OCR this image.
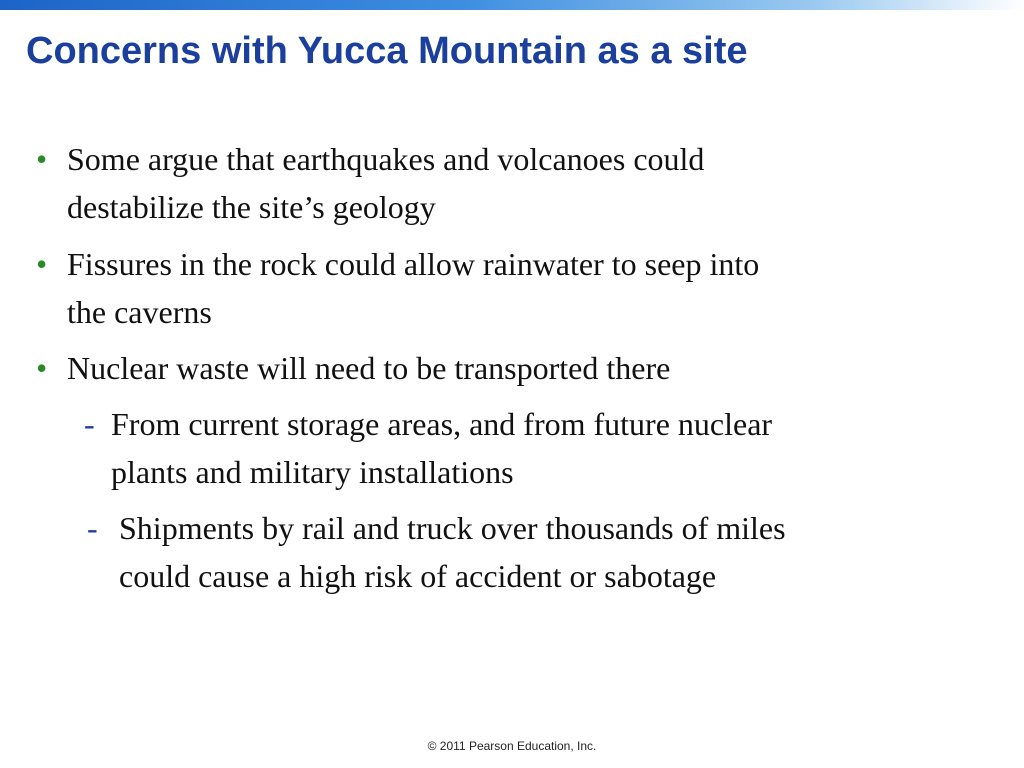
Concerns with Yucca Mountain as a site
• Some argue that earthquakes and volcanoes could
destabilize the site’s geology
• Fissures in the rock could allow rainwater to seep into
the caverns
• Nuclear waste will need to be transported there
- From current storage areas, and from future nuclear
plants and military installations
- Shipments by rail and truck over thousands of miles
could cause a high risk of accident or sabotage
© 2011 Pearson Education, Inc.
